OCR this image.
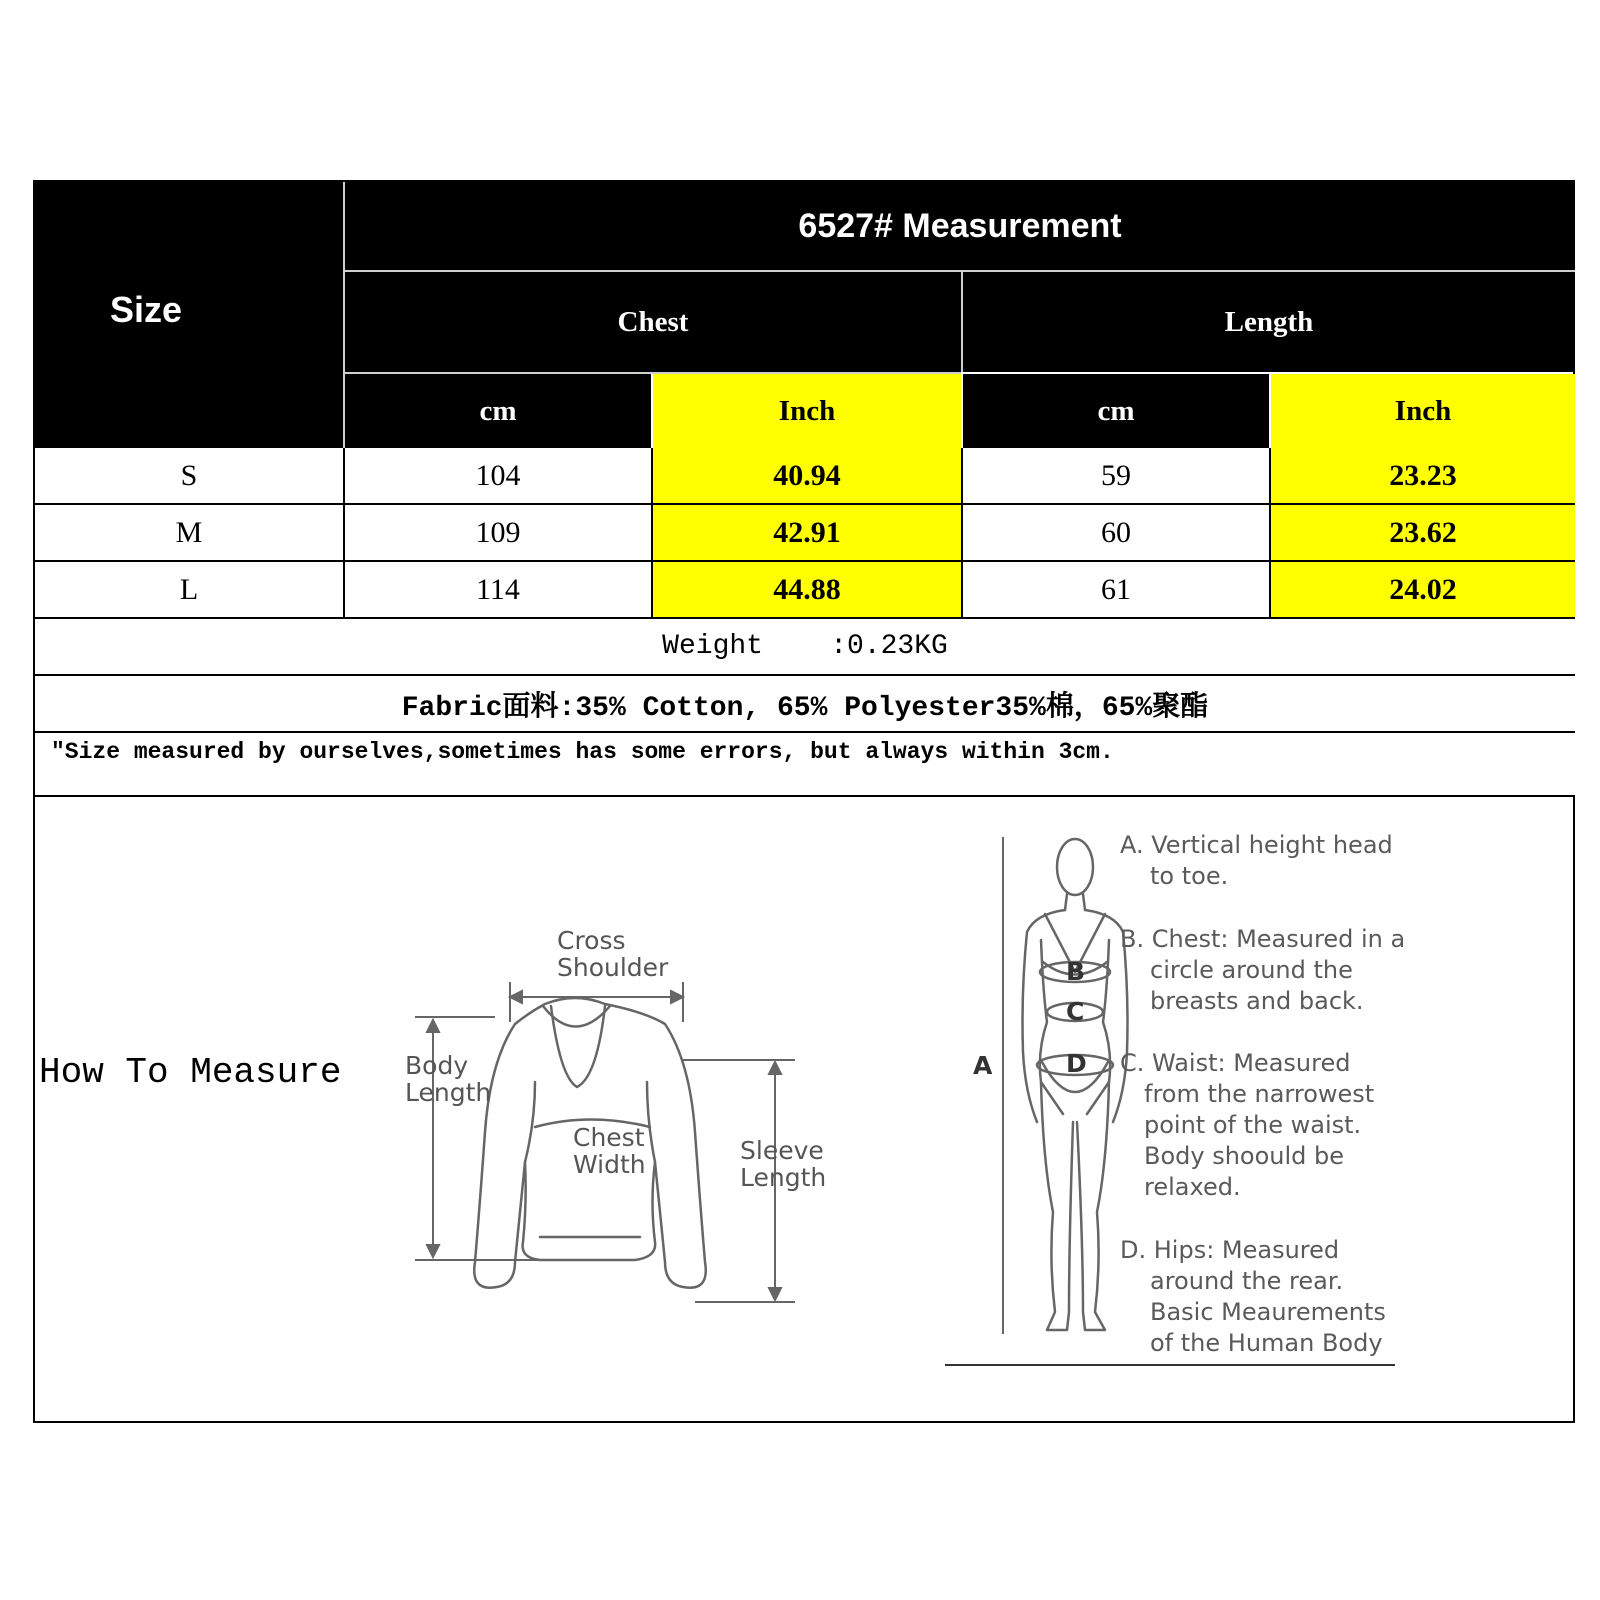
Size
6527# Measurement
Chest	Length
cm	Inch	cm	Inch
S	104	40.94	59	23.23
M	109	42.91	60	23.62
L	114	44.88	61	24.02
Weight    :0.23KG
Fabric面料:35% Cotton, 65% Polyester35%棉，65%聚酯
"Size measured by ourselves,sometimes has some errors, but always within 3cm.
How To Measure
Cross
Shoulder
Body
Length
Chest
Width	Sleeve
Length
A
B
C
D
A. Vertical height head
to toe.
B. Chest: Measured in a
circle around the
breasts and back.
C. Waist: Measured
from the narrowest
point of the waist.
Body shoould be
relaxed.
D. Hips: Measured
around the rear.
Basic Meaurements
of the Human Body
